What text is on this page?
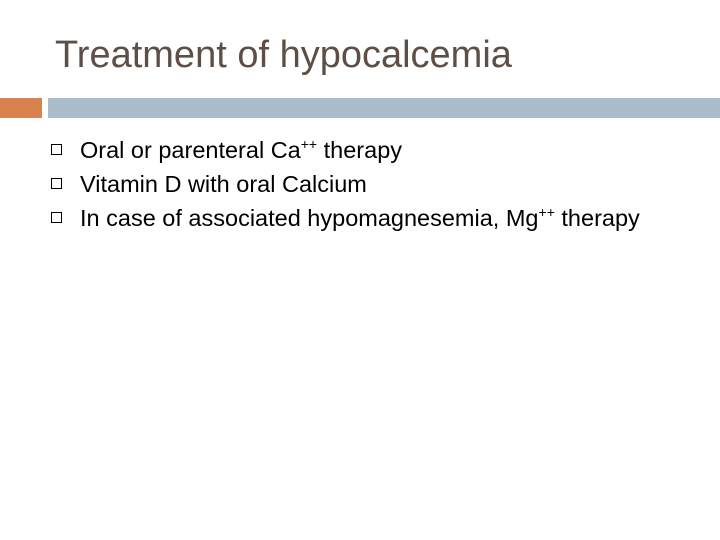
Treatment of hypocalcemia
Oral or parenteral Ca++ therapy
Vitamin D with oral Calcium
In case of associated hypomagnesemia, Mg++ therapy
